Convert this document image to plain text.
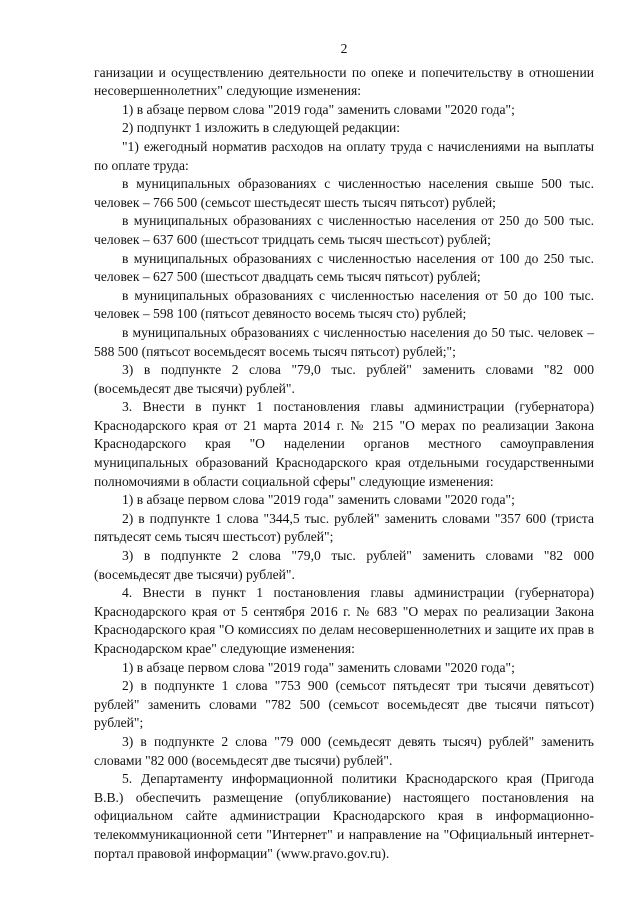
2

ганизации и осуществлению деятельности по опеке и попечительству в отношении несовершеннолетних" следующие изменения:

1) в абзаце первом слова "2019 года" заменить словами "2020 года";

2) подпункт 1 изложить в следующей редакции:

"1) ежегодный норматив расходов на оплату труда с начислениями на выплаты по оплате труда:

в муниципальных образованиях с численностью населения свыше 500 тыс. человек – 766 500 (семьсот шестьдесят шесть тысяч пятьсот) рублей;

в муниципальных образованиях с численностью населения от 250 до 500 тыс. человек – 637 600 (шестьсот тридцать семь тысяч шестьсот) рублей;

в муниципальных образованиях с численностью населения от 100 до 250 тыс. человек – 627 500 (шестьсот двадцать семь тысяч пятьсот) рублей;

в муниципальных образованиях с численностью населения от 50 до 100 тыс. человек – 598 100 (пятьсот девяносто восемь тысяч сто) рублей;

в муниципальных образованиях с численностью населения до 50 тыс. человек – 588 500 (пятьсот восемьдесят восемь тысяч пятьсот) рублей;";

3) в подпункте 2 слова "79,0 тыс. рублей" заменить словами "82 000 (восемьдесят две тысячи) рублей".

3. Внести в пункт 1 постановления главы администрации (губернатора) Краснодарского края от 21 марта 2014 г. № 215 "О мерах по реализации Закона Краснодарского края "О наделении органов местного самоуправления муниципальных образований Краснодарского края отдельными государственными полномочиями в области социальной сферы" следующие изменения:

1) в абзаце первом слова "2019 года" заменить словами "2020 года";

2) в подпункте 1 слова "344,5 тыс. рублей" заменить словами "357 600 (триста пятьдесят семь тысяч шестьсот) рублей";

3) в подпункте 2 слова "79,0 тыс. рублей" заменить словами "82 000 (восемьдесят две тысячи) рублей".

4. Внести в пункт 1 постановления главы администрации (губернатора) Краснодарского края от 5 сентября 2016 г. № 683 "О мерах по реализации Закона Краснодарского края "О комиссиях по делам несовершеннолетних и защите их прав в Краснодарском крае" следующие изменения:

1) в абзаце первом слова "2019 года" заменить словами "2020 года";

2) в подпункте 1 слова "753 900 (семьсот пятьдесят три тысячи девятьсот) рублей" заменить словами "782 500 (семьсот восемьдесят две тысячи пятьсот) рублей";

3) в подпункте 2 слова "79 000 (семьдесят девять тысяч) рублей" заменить словами "82 000 (восемьдесят две тысячи) рублей".

5. Департаменту информационной политики Краснодарского края (Пригода В.В.) обеспечить размещение (опубликование) настоящего постановления на официальном сайте администрации Краснодарского края в информационно-телекоммуникационной сети "Интернет" и направление на "Официальный интернет-портал правовой информации" (www.pravo.gov.ru).
